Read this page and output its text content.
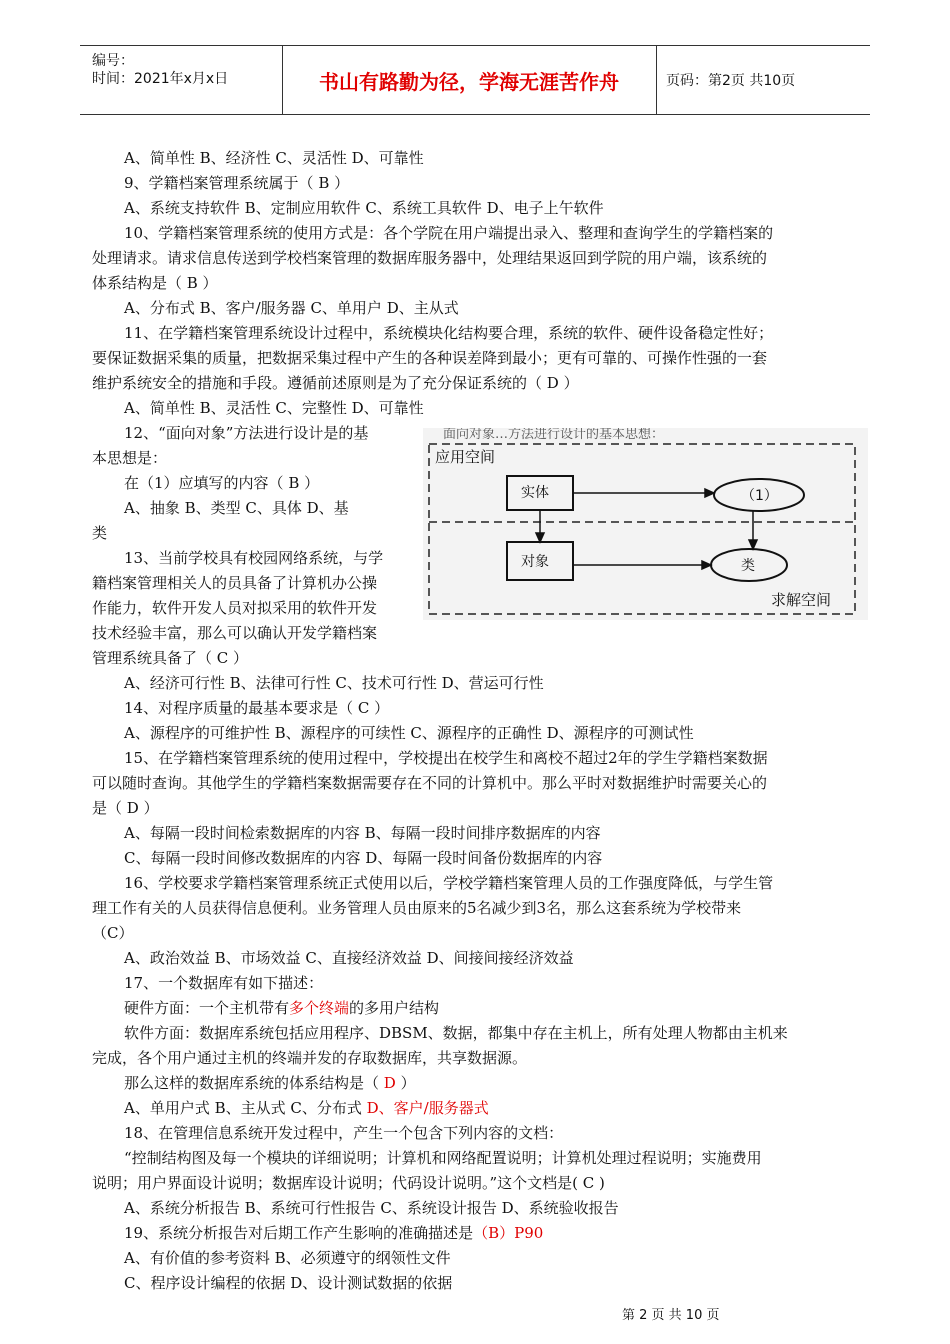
编号：
时间：2021年x月x日	书山有路勤为径，学海无涯苦作舟	页码：第2页 共10页
A、简单性 B、经济性 C、灵活性 D、可靠性
9、学籍档案管理系统属于（ B ）
A、系统支持软件 B、定制应用软件 C、系统工具软件 D、电子上午软件
10、学籍档案管理系统的使用方式是：各个学院在用户端提出录入、整理和查询学生的学籍档案的
处理请求。请求信息传送到学校档案管理的数据库服务器中，处理结果返回到学院的用户端，该系统的
体系结构是（ B ）
A、分布式 B、客户/服务器 C、单用户 D、主从式
11、在学籍档案管理系统设计过程中，系统模块化结构要合理，系统的软件、硬件设备稳定性好；
要保证数据采集的质量，把数据采集过程中产生的各种误差降到最小；更有可靠的、可操作性强的一套
维护系统安全的措施和手段。遵循前述原则是为了充分保证系统的（ D ）
A、简单性 B、灵活性 C、完整性 D、可靠性
12、“面向对象”方法进行设计是的基
本思想是：
在（1）应填写的内容（ B ）
A、抽象 B、类型 C、具体 D、基
类
13、当前学校具有校园网络系统，与学
籍档案管理相关人的员具备了计算机办公操
作能力，软件开发人员对拟采用的软件开发
技术经验丰富，那么可以确认开发学籍档案
管理系统具备了（ C ）
A、经济可行性 B、法律可行性 C、技术可行性 D、营运可行性
14、对程序质量的最基本要求是（ C ）
A、源程序的可维护性 B、源程序的可续性 C、源程序的正确性 D、源程序的可测试性
15、在学籍档案管理系统的使用过程中，学校提出在校学生和离校不超过2年的学生学籍档案数据
可以随时查询。其他学生的学籍档案数据需要存在不同的计算机中。那么平时对数据维护时需要关心的
是（ D ）
A、每隔一段时间检索数据库的内容 B、每隔一段时间排序数据库的内容
C、每隔一段时间修改数据库的内容 D、每隔一段时间备份数据库的内容
16、学校要求学籍档案管理系统正式使用以后，学校学籍档案管理人员的工作强度降低，与学生管
理工作有关的人员获得信息便利。业务管理人员由原来的5名减少到3名，那么这套系统为学校带来
（C）
A、政治效益 B、市场效益 C、直接经济效益 D、间接间接经济效益
17、一个数据库有如下描述：
硬件方面：一个主机带有多个终端的多用户结构
软件方面：数据库系统包括应用程序、DBSM、数据，都集中存在主机上，所有处理人物都由主机来
完成，各个用户通过主机的终端并发的存取数据库，共享数据源。
那么这样的数据库系统的体系结构是（ D ）
A、单用户式 B、主从式 C、分布式 D、客户/服务器式
18、在管理信息系统开发过程中，产生一个包含下列内容的文档：
“控制结构图及每一个模块的详细说明；计算机和网络配置说明；计算机处理过程说明；实施费用
说明；用户界面设计说明；数据库设计说明；代码设计说明。”这个文档是( C )
A、系统分析报告 B、系统可行性报告 C、系统设计报告 D、系统验收报告
19、系统分析报告对后期工作产生影响的准确描述是（B）P90
A、有价值的参考资料 B、必须遵守的纲领性文件
C、程序设计编程的依据 D、设计测试数据的依据
面向对象…方法进行设计的基本思想：
应用空间
求解空间
实体
对象
（1）
类
第 2 页 共 10 页
